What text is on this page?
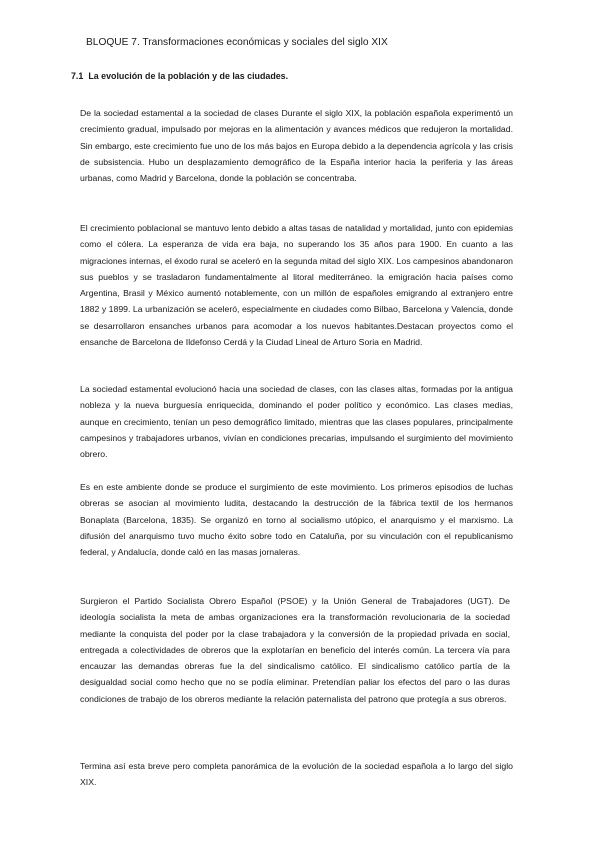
BLOQUE 7. Transformaciones económicas y sociales del siglo XIX
7.1 La evolución de la población y de las ciudades.

De la sociedad estamental a la sociedad de clases Durante el siglo XIX, la población española experimentó un crecimiento gradual, impulsado por mejoras en la alimentación y avances médicos que redujeron la mortalidad. Sin embargo, este crecimiento fue uno de los más bajos en Europa debido a la dependencia agrícola y las crisis de subsistencia. Hubo un desplazamiento demográfico de la España interior hacia la periferia y las áreas urbanas, como Madrid y Barcelona, donde la población se concentraba.

El crecimiento poblacional se mantuvo lento debido a altas tasas de natalidad y mortalidad, junto con epidemias como el cólera. La esperanza de vida era baja, no superando los 35 años para 1900. En cuanto a las migraciones internas, el éxodo rural se aceleró en la segunda mitad del siglo XIX. Los campesinos abandonaron sus pueblos y se trasladaron fundamentalmente al litoral mediterráneo. la emigración hacia países como Argentina, Brasil y México aumentó notablemente, con un millón de españoles emigrando al extranjero entre 1882 y 1899. La urbanización se aceleró, especialmente en ciudades como Bilbao, Barcelona y Valencia, donde se desarrollaron ensanches urbanos para acomodar a los nuevos habitantes.Destacan proyectos como el ensanche de Barcelona de Ildefonso Cerdá y la Ciudad Lineal de Arturo Soria en Madrid.

La sociedad estamental evolucionó hacia una sociedad de clases, con las clases altas, formadas por la antigua nobleza y la nueva burguesía enriquecida, dominando el poder político y económico. Las clases medias, aunque en crecimiento, tenían un peso demográfico limitado, mientras que las clases populares, principalmente campesinos y trabajadores urbanos, vivían en condiciones precarias, impulsando el surgimiento del movimiento obrero.

Es en este ambiente donde se produce el surgimiento de este movimiento. Los primeros episodios de luchas obreras se asocian al movimiento ludita, destacando la destrucción de la fábrica textil de los hermanos Bonaplata (Barcelona, 1835). Se organizó en torno al socialismo utópico, el anarquismo y el marxismo. La difusión del anarquismo tuvo mucho éxito sobre todo en Cataluña, por su vinculación con el republicanismo federal, y Andalucía, donde caló en las masas jornaleras.

Surgieron el Partido Socialista Obrero Español (PSOE) y la Unión General de Trabajadores (UGT). De ideología socialista la meta de ambas organizaciones era la transformación revolucionaria de la sociedad mediante la conquista del poder por la clase trabajadora y la conversión de la propiedad privada en social, entregada a colectividades de obreros que la explotarían en beneficio del interés común. La tercera vía para encauzar las demandas obreras fue la del sindicalismo católico. El sindicalismo católico partía de la desigualdad social como hecho que no se podía eliminar. Pretendían paliar los efectos del paro o las duras condiciones de trabajo de los obreros mediante la relación paternalista del patrono que protegía a sus obreros.

Termina así esta breve pero completa panorámica de la evolución de la sociedad española a lo largo del siglo XIX.
